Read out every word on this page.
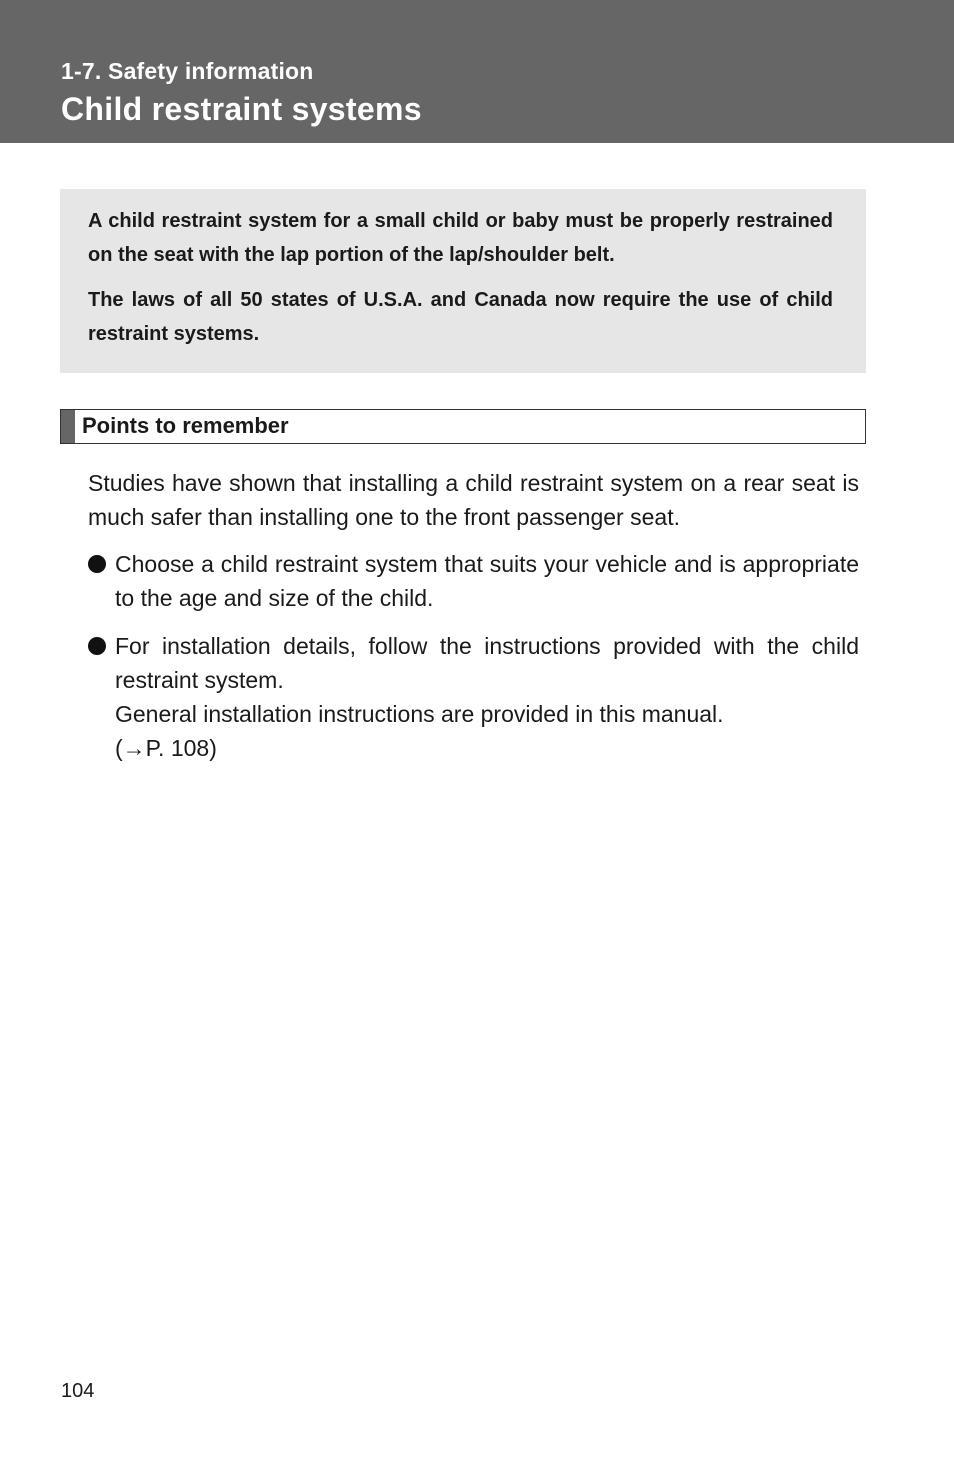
1-7. Safety information
Child restraint systems

A child restraint system for a small child or baby must be properly restrained on the seat with the lap portion of the lap/shoulder belt.

The laws of all 50 states of U.S.A. and Canada now require the use of child restraint systems.

Points to remember

Studies have shown that installing a child restraint system on a rear seat is much safer than installing one to the front passenger seat.

Choose a child restraint system that suits your vehicle and is appropriate to the age and size of the child.

For installation details, follow the instructions provided with the child restraint system.

General installation instructions are provided in this manual.

(→P. 108)

104
